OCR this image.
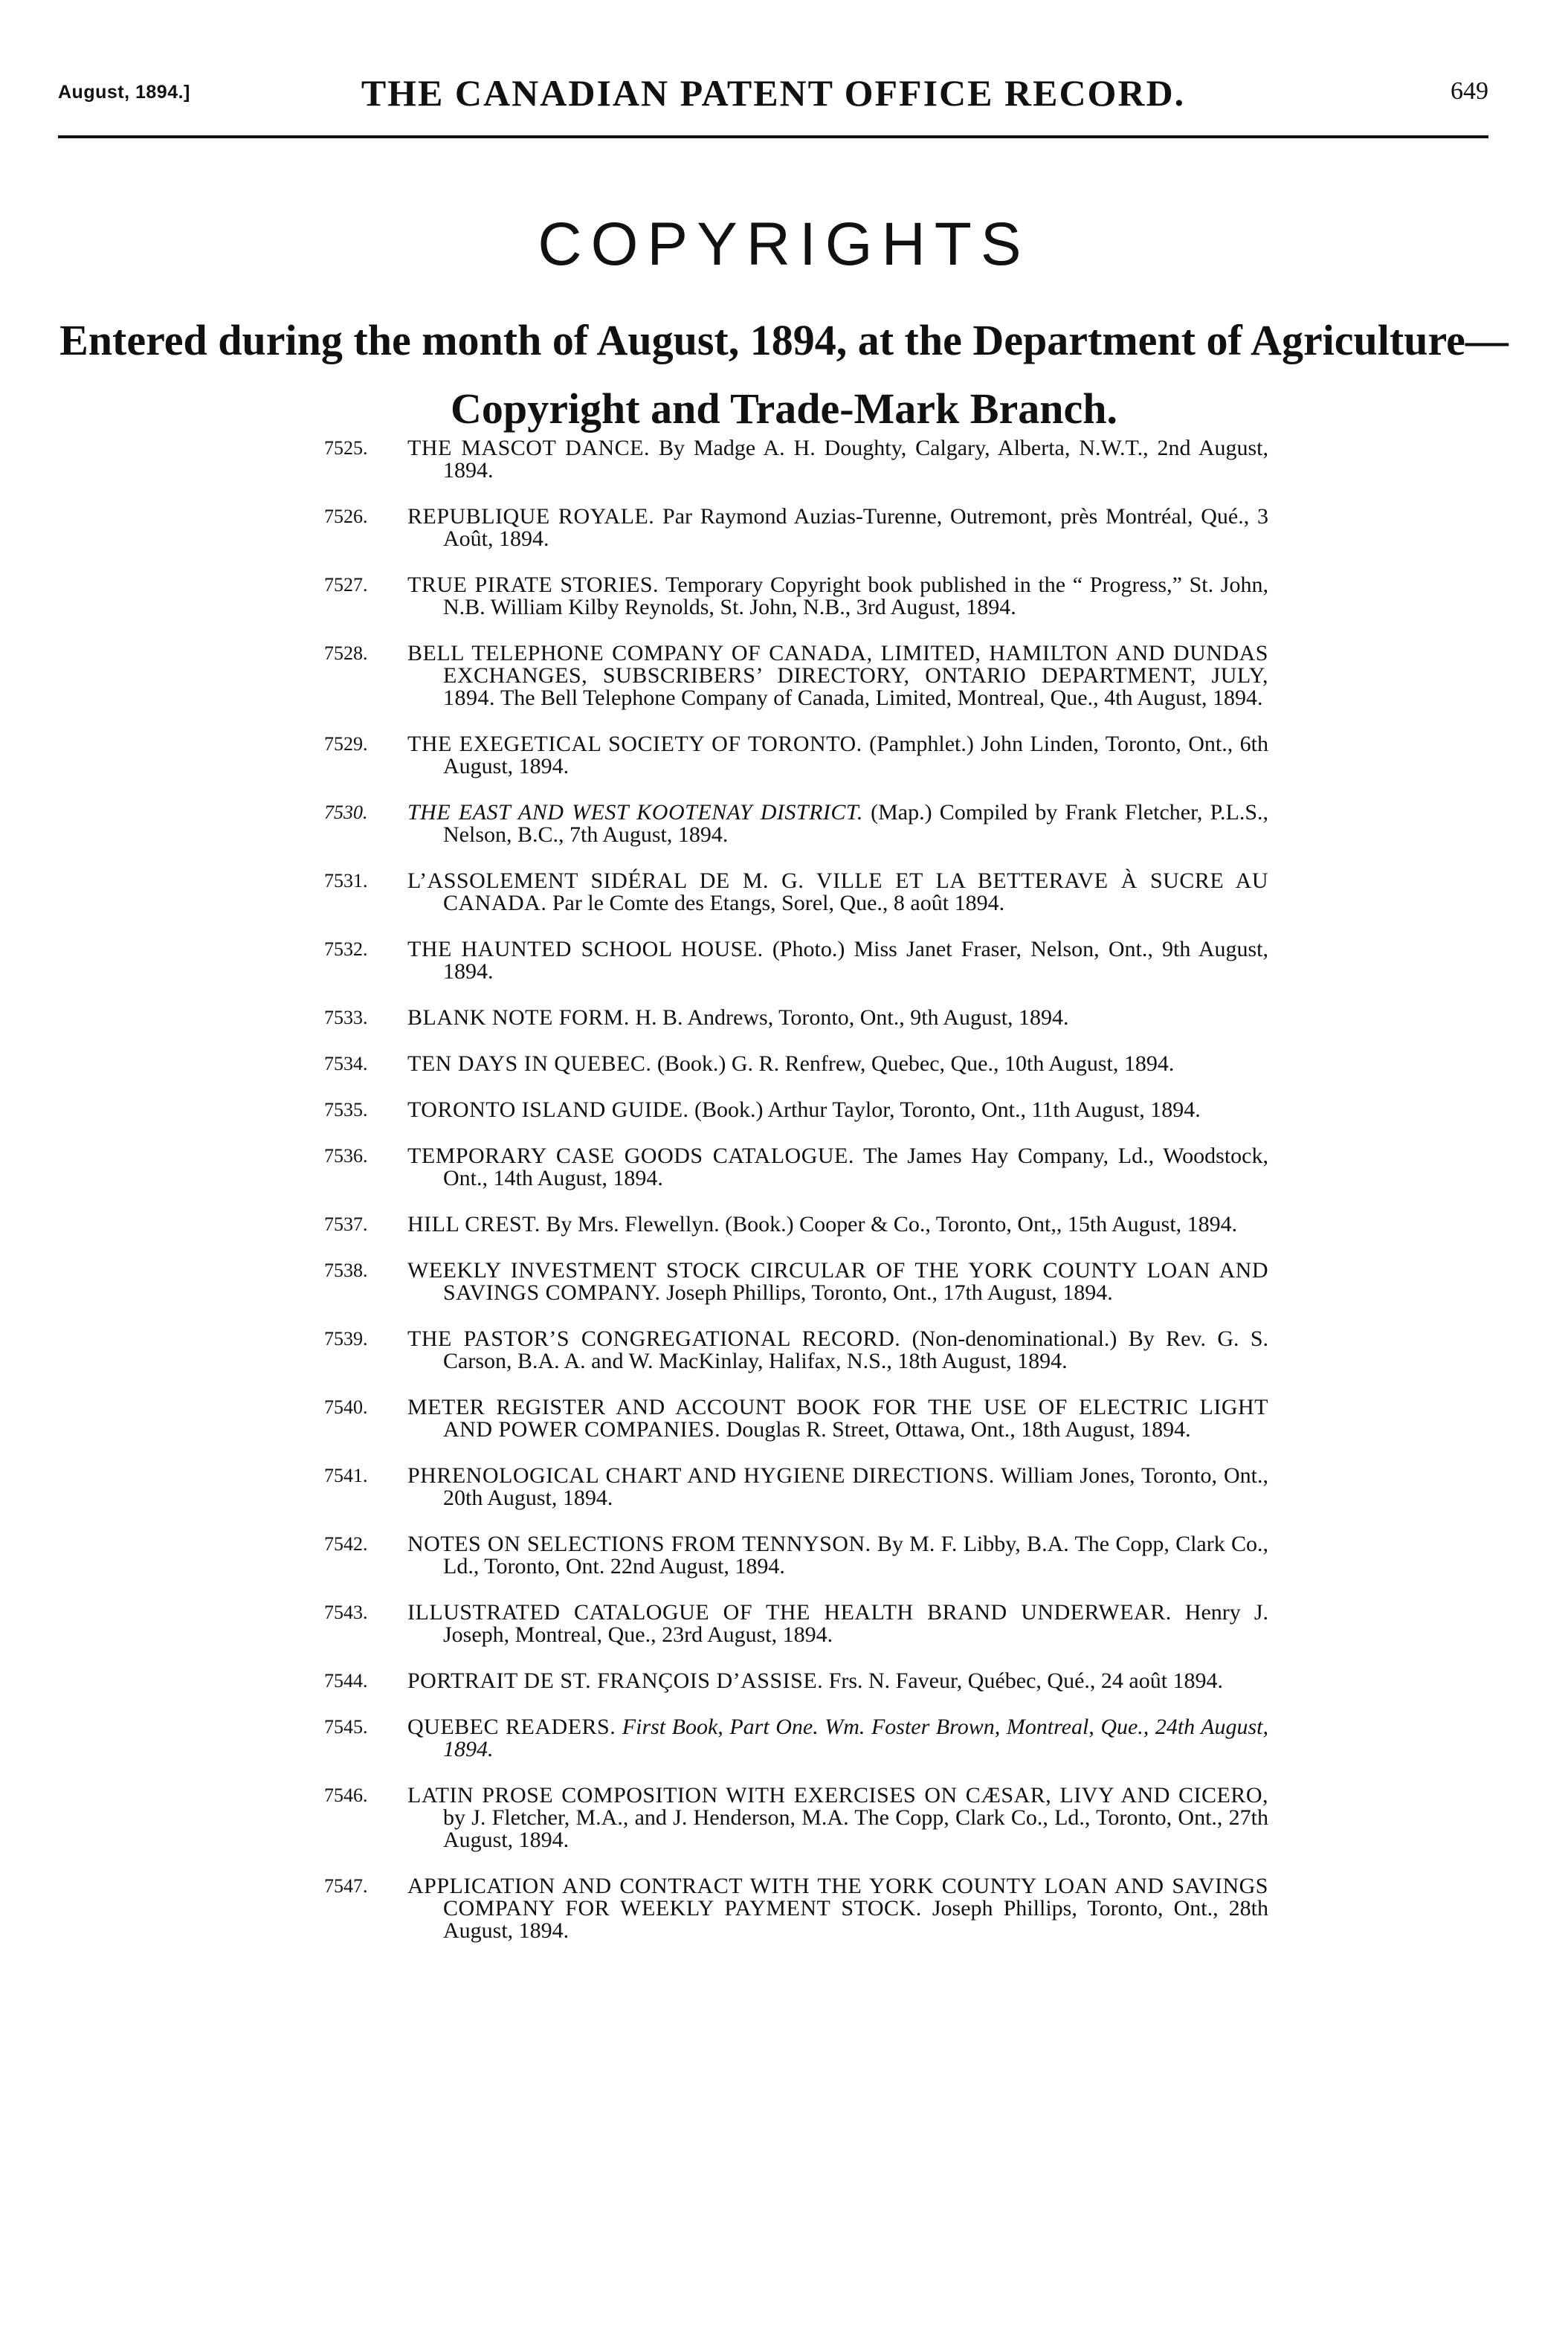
August, 1894.]	THE CANADIAN PATENT OFFICE RECORD.	649
COPYRIGHTS
Entered during the month of August, 1894, at the Department of Agriculture—
Copyright and Trade-Mark Branch.
7525.	THE MASCOT DANCE. By Madge A. H. Doughty, Calgary, Alberta, N.W.T., 2nd August, 1894.
7526.	REPUBLIQUE ROYALE. Par Raymond Auzias-Turenne, Outremont, près Montréal, Qué., 3 Août, 1894.
7527.	TRUE PIRATE STORIES. Temporary Copyright book published in the “ Progress,” St. John, N.B. William Kilby Reynolds, St. John, N.B., 3rd August, 1894.
7528.	BELL TELEPHONE COMPANY OF CANADA, LIMITED, HAMILTON AND DUNDAS EXCHANGES, SUBSCRIBERS’ DIRECTORY, ONTARIO DEPARTMENT, JULY, 1894. The Bell Telephone Company of Canada, Limited, Montreal, Que., 4th August, 1894.
7529.	THE EXEGETICAL SOCIETY OF TORONTO. (Pamphlet.) John Linden, Toronto, Ont., 6th August, 1894.
7530.	THE EAST AND WEST KOOTENAY DISTRICT. (Map.) Compiled by Frank Fletcher, P.L.S., Nelson, B.C., 7th August, 1894.
7531.	L’ASSOLEMENT SIDÉRAL DE M. G. VILLE ET LA BETTERAVE À SUCRE AU CANADA. Par le Comte des Etangs, Sorel, Que., 8 août 1894.
7532.	THE HAUNTED SCHOOL HOUSE. (Photo.) Miss Janet Fraser, Nelson, Ont., 9th August, 1894.
7533.	BLANK NOTE FORM. H. B. Andrews, Toronto, Ont., 9th August, 1894.
7534.	TEN DAYS IN QUEBEC. (Book.) G. R. Renfrew, Quebec, Que., 10th August, 1894.
7535.	TORONTO ISLAND GUIDE. (Book.) Arthur Taylor, Toronto, Ont., 11th August, 1894.
7536.	TEMPORARY CASE GOODS CATALOGUE. The James Hay Company, Ld., Woodstock, Ont., 14th August, 1894.
7537.	HILL CREST. By Mrs. Flewellyn. (Book.) Cooper & Co., Toronto, Ont,, 15th August, 1894.
7538.	WEEKLY INVESTMENT STOCK CIRCULAR OF THE YORK COUNTY LOAN AND SAVINGS COMPANY. Joseph Phillips, Toronto, Ont., 17th August, 1894.
7539.	THE PASTOR’S CONGREGATIONAL RECORD. (Non-denominational.) By Rev. G. S. Carson, B.A. A. and W. MacKinlay, Halifax, N.S., 18th August, 1894.
7540.	METER REGISTER AND ACCOUNT BOOK FOR THE USE OF ELECTRIC LIGHT AND POWER COMPANIES. Douglas R. Street, Ottawa, Ont., 18th August, 1894.
7541.	PHRENOLOGICAL CHART AND HYGIENE DIRECTIONS. William Jones, Toronto, Ont., 20th August, 1894.
7542.	NOTES ON SELECTIONS FROM TENNYSON. By M. F. Libby, B.A. The Copp, Clark Co., Ld., Toronto, Ont. 22nd August, 1894.
7543.	ILLUSTRATED CATALOGUE OF THE HEALTH BRAND UNDERWEAR. Henry J. Joseph, Montreal, Que., 23rd August, 1894.
7544.	PORTRAIT DE ST. FRANÇOIS D’ASSISE. Frs. N. Faveur, Québec, Qué., 24 août 1894.
7545.	QUEBEC READERS. First Book, Part One. Wm. Foster Brown, Montreal, Que., 24th August, 1894.
7546.	LATIN PROSE COMPOSITION WITH EXERCISES ON CÆSAR, LIVY AND CICERO, by J. Fletcher, M.A., and J. Henderson, M.A. The Copp, Clark Co., Ld., Toronto, Ont., 27th August, 1894.
7547.	APPLICATION AND CONTRACT WITH THE YORK COUNTY LOAN AND SAVINGS COMPANY FOR WEEKLY PAYMENT STOCK. Joseph Phillips, Toronto, Ont., 28th August, 1894.
